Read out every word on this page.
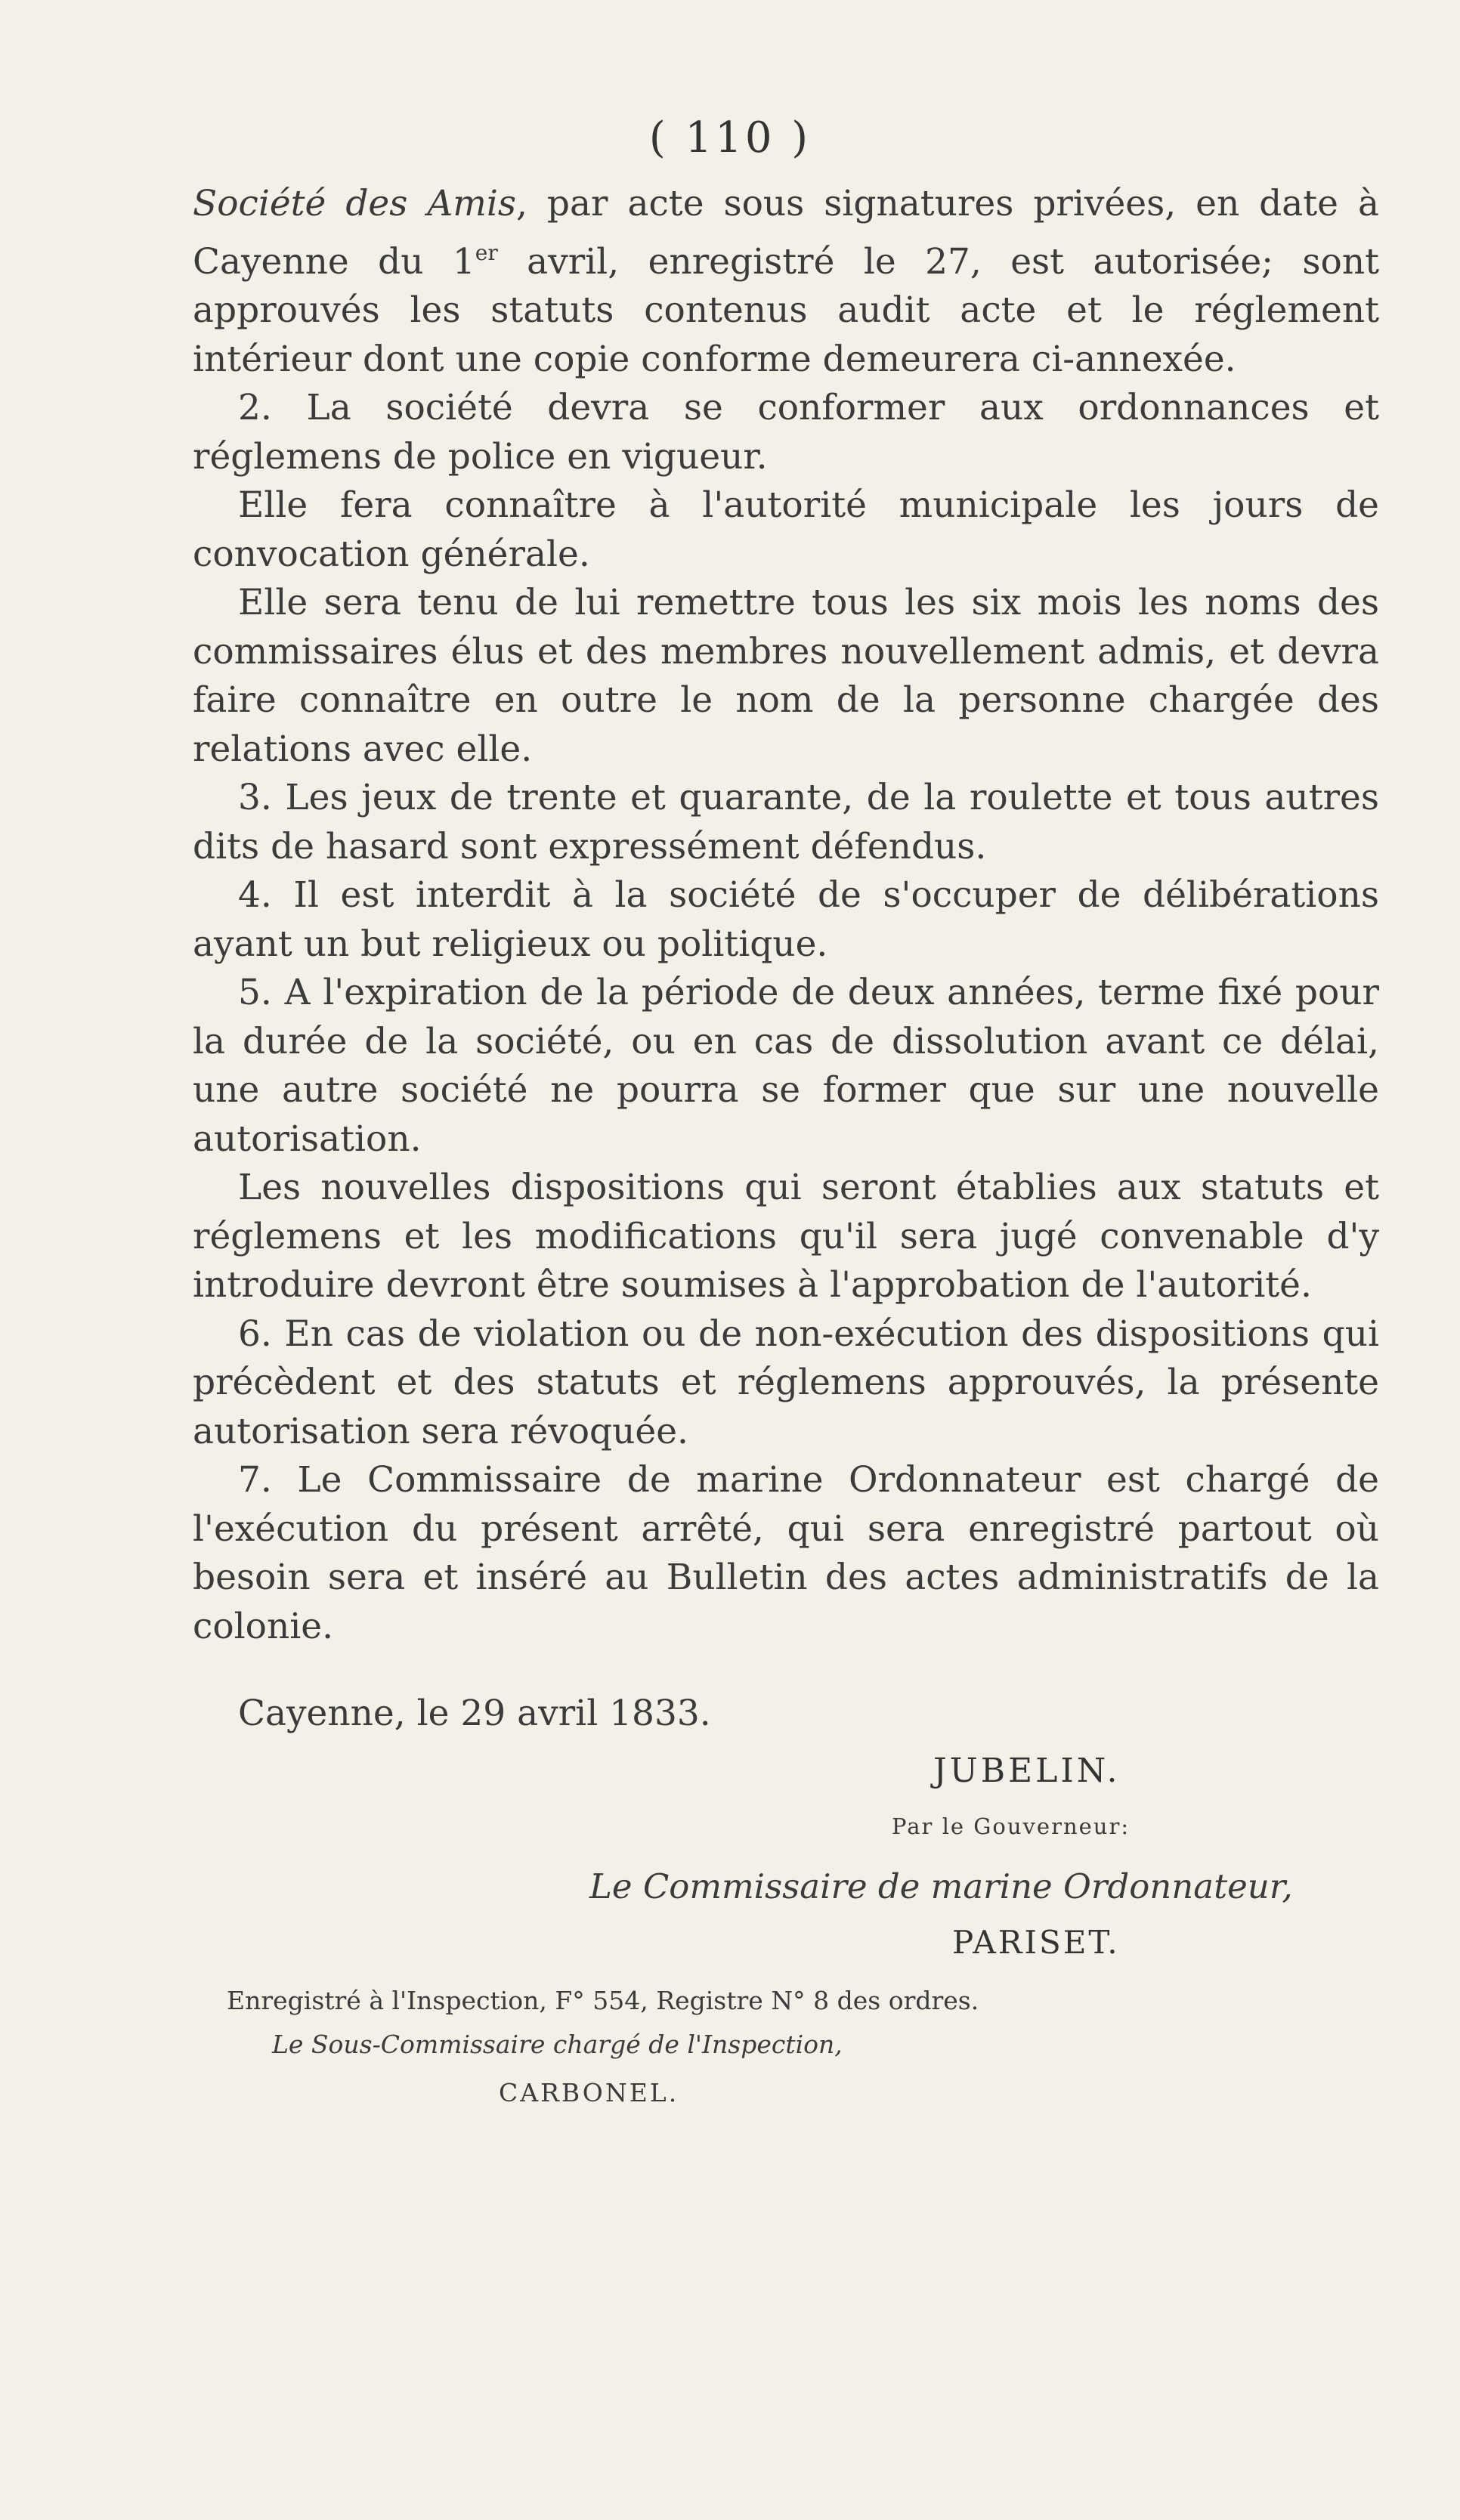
( 110 )

Société des Amis, par acte sous signatures privées, en date à Cayenne du 1er avril, enregistré le 27, est autorisée; sont approuvés les statuts contenus audit acte et le réglement intérieur dont une copie conforme demeurera ci-annexée.

2. La société devra se conformer aux ordonnances et réglemens de police en vigueur.

Elle fera connaître à l'autorité municipale les jours de convocation générale.

Elle sera tenu de lui remettre tous les six mois les noms des commissaires élus et des membres nouvellement admis, et devra faire connaître en outre le nom de la personne chargée des relations avec elle.

3. Les jeux de trente et quarante, de la roulette et tous autres dits de hasard sont expressément défendus.

4. Il est interdit à la société de s'occuper de délibérations ayant un but religieux ou politique.

5. A l'expiration de la période de deux années, terme fixé pour la durée de la société, ou en cas de dissolution avant ce délai, une autre société ne pourra se former que sur une nouvelle autorisation.

Les nouvelles dispositions qui seront établies aux statuts et réglemens et les modifications qu'il sera jugé convenable d'y introduire devront être soumises à l'approbation de l'autorité.

6. En cas de violation ou de non-exécution des dispositions qui précèdent et des statuts et réglemens approuvés, la présente autorisation sera révoquée.

7. Le Commissaire de marine Ordonnateur est chargé de l'exécution du présent arrêté, qui sera enregistré partout où besoin sera et inséré au Bulletin des actes administratifs de la colonie.

Cayenne, le 29 avril 1833.
JUBELIN.
Par le Gouverneur:
Le Commissaire de marine Ordonnateur,
PARISET.
Enregistré à l'Inspection, F° 554, Registre N° 8 des ordres.
Le Sous-Commissaire chargé de l'Inspection,
CARBONEL.
